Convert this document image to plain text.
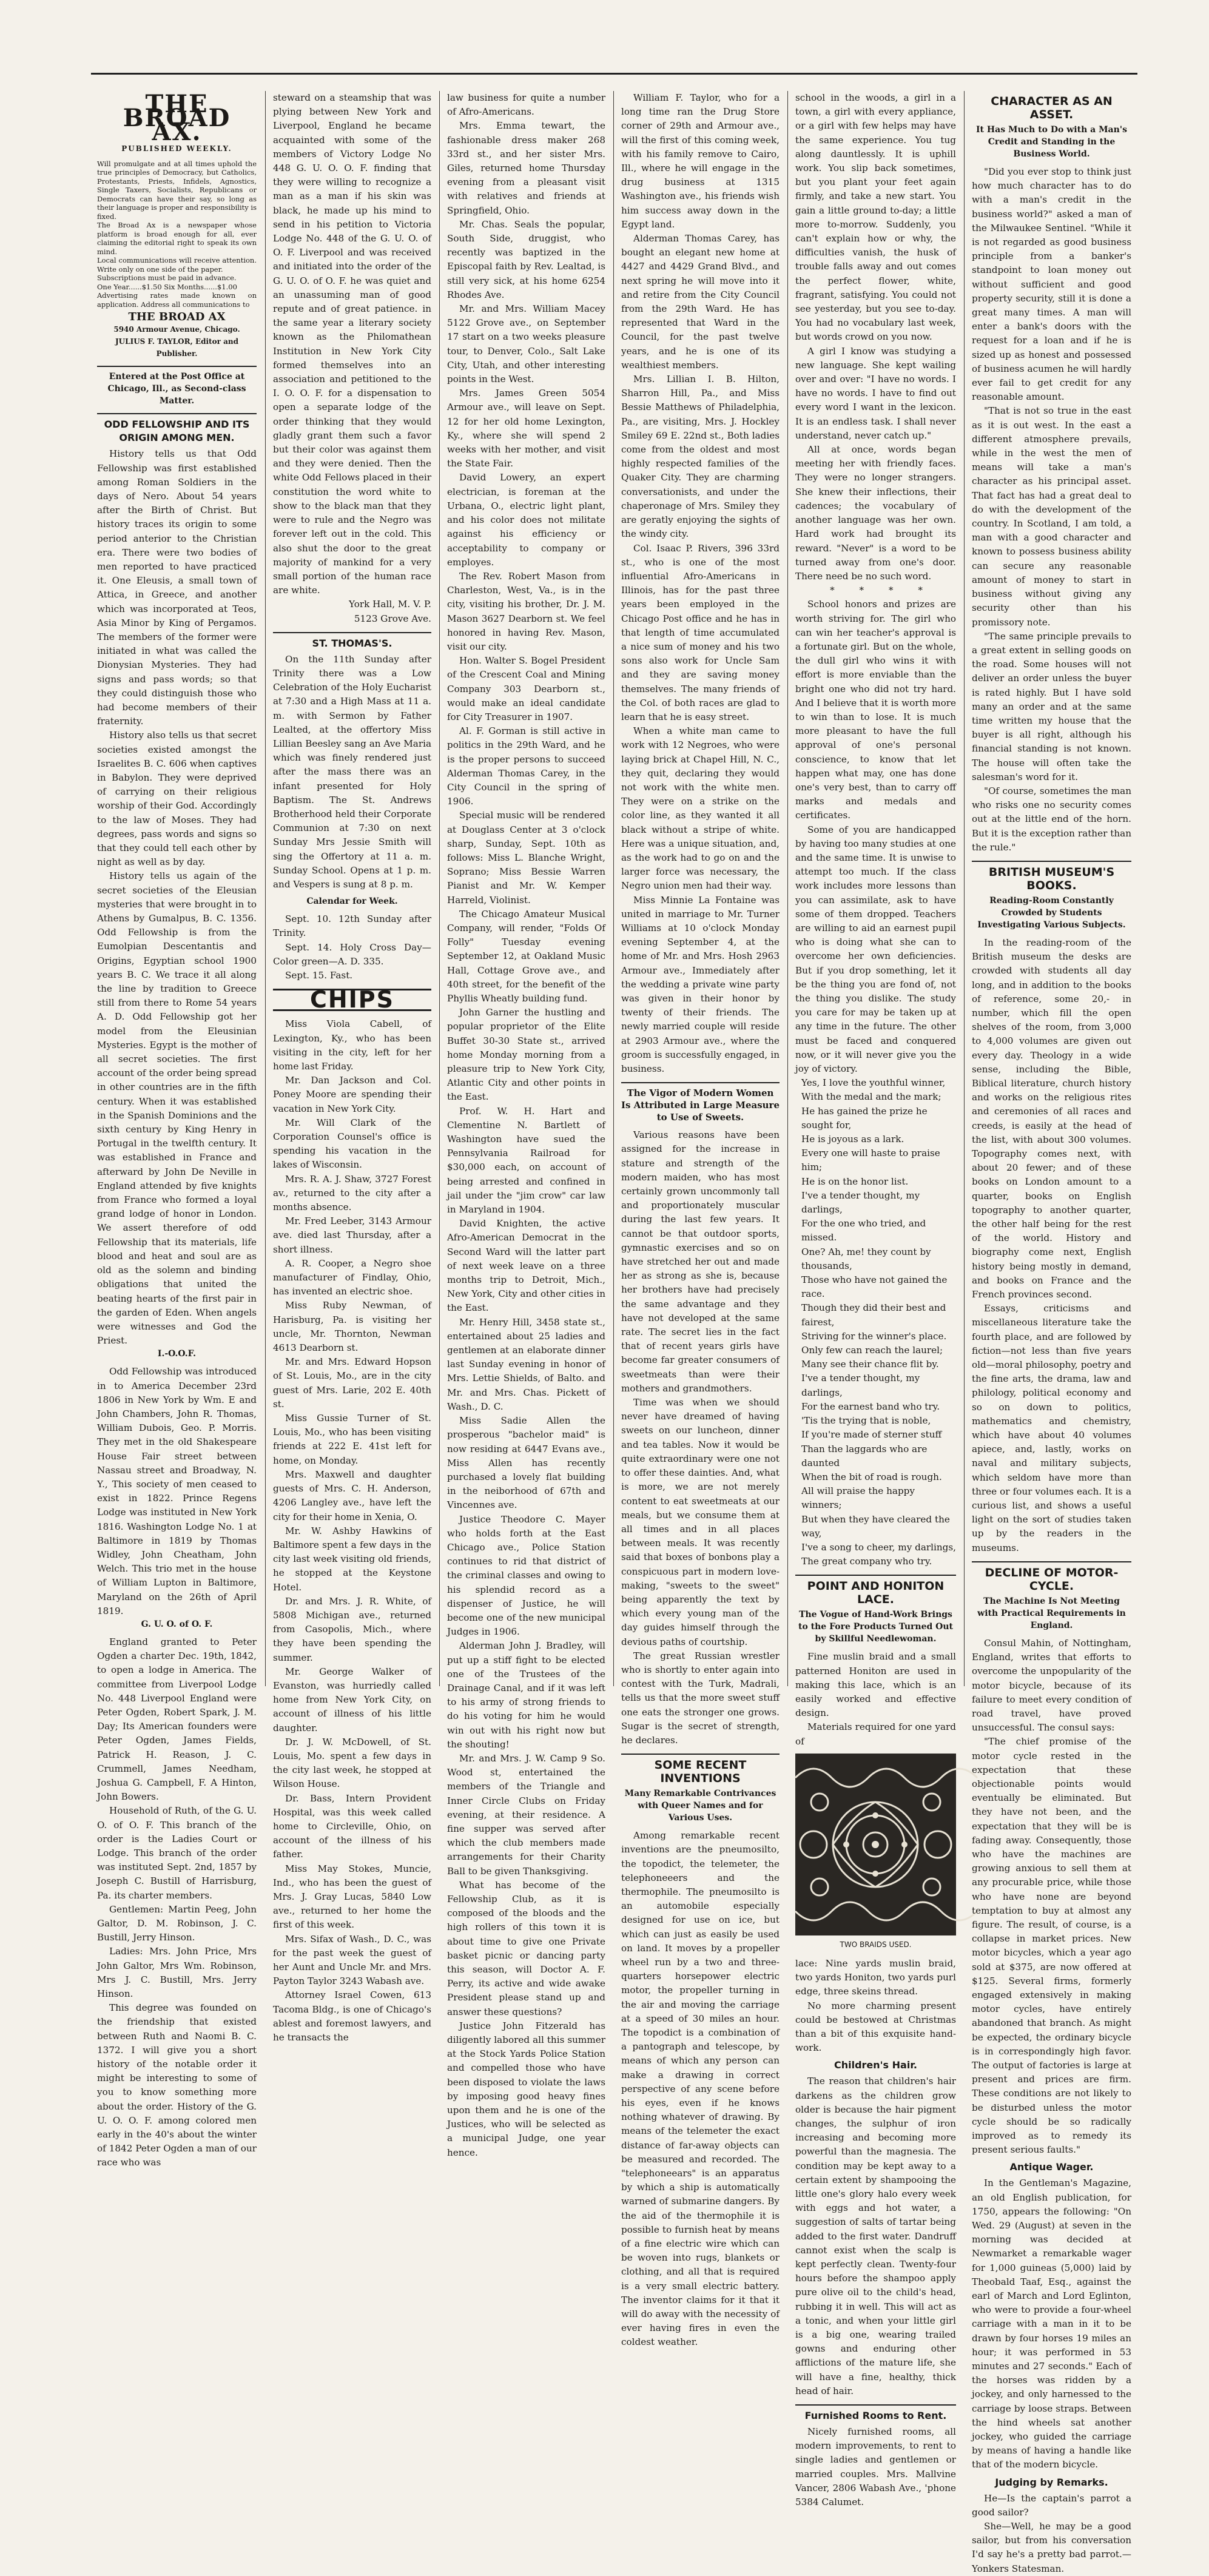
THE BROAD AX.
PUBLISHED WEEKLY.

Will promulgate and at all times uphold the true principles of Democracy, but Catholics, Protestants, Priests, Infidels, Agnostics, Single Taxers, Socialists, Republicans or Democrats can have their say, so long as their language is proper and responsibility is fixed.

The Broad Ax is a newspaper whose platform is broad enough for all, ever claiming the editorial right to speak its own mind.

Local communications will receive attention. Write only on one side of the paper.

Subscriptions must be paid in advance.

One Year......$1.50 Six Months......$1.00

Advertising rates made known on application. Address all communications to

THE BROAD AX
5940 Armour Avenue, Chicago.
JULIUS F. TAYLOR, Editor and Publisher.
Entered at the Post Office at Chicago, Ill., as Second-class Matter.
ODD FELLOWSHIP AND ITS ORIGIN AMONG MEN.

History tells us that Odd Fellowship was first established among Roman Soldiers in the days of Nero. About 54 years after the Birth of Christ. But history traces its origin to some period anterior to the Christian era. There were two bodies of men reported to have practiced it. One Eleusis, a small town of Attica, in Greece, and another which was incorporated at Teos, Asia Minor by King of Pergamos. The members of the former were initiated in what was called the Dionysian Mysteries. They had signs and pass words; so that they could distinguish those who had become members of their fraternity.

History also tells us that secret societies existed amongst the Israelites B. C. 606 when captives in Babylon. They were deprived of carrying on their religious worship of their God. Accordingly to the law of Moses. They had degrees, pass words and signs so that they could tell each other by night as well as by day.

History tells us again of the secret societies of the Eleusian mysteries that were brought in to Athens by Gumalpus, B. C. 1356. Odd Fellowship is from the Eumolpian Descentantis and Origins, Egyptian school 1900 years B. C. We trace it all along the line by tradition to Greece still from there to Rome 54 years A. D. Odd Fellowship got her model from the Eleusinian Mysteries. Egypt is the mother of all secret societies. The first account of the order being spread in other countries are in the fifth century. When it was established in the Spanish Dominions and the sixth century by King Henry in Portugal in the twelfth century. It was established in France and afterward by John De Neville in England attended by five knights from France who formed a loyal grand lodge of honor in London. We assert therefore of odd Fellowship that its materials, life blood and heat and soul are as old as the solemn and binding obligations that united the beating hearts of the first pair in the garden of Eden. When angels were witnesses and God the Priest.

I.-O.O.F.

Odd Fellowship was introduced in to America December 23rd 1806 in New York by Wm. E and John Chambers, John R. Thomas, William Dubois, Geo. P. Morris. They met in the old Shakespeare House Fair street between Nassau street and Broadway, N. Y., This society of men ceased to exist in 1822. Prince Regens Lodge was instituted in New York 1816. Washington Lodge No. 1 at Baltimore in 1819 by Thomas Widley, John Cheatham, John Welch. This trio met in the house of William Lupton in Baltimore, Maryland on the 26th of April 1819.

G. U. O. of O. F.

England granted to Peter Ogden a charter Dec. 19th, 1842, to open a lodge in America. The committee from Liverpool Lodge No. 448 Liverpool England were Peter Ogden, Robert Spark, J. M. Day; Its American founders were Peter Ogden, James Fields, Patrick H. Reason, J. C. Crummell, James Needham, Joshua G. Campbell, F. A Hinton, John Bowers.

Household of Ruth, of the G. U. O. of O. F. This branch of the order is the Ladies Court or Lodge. This branch of the order was instituted Sept. 2nd, 1857 by Joseph C. Bustill of Harrisburg, Pa. its charter members.

Gentlemen: Martin Peeg, John Galtor, D. M. Robinson, J. C. Bustill, Jerry Hinson.

Ladies: Mrs. John Price, Mrs John Galtor, Mrs Wm. Robinson, Mrs J. C. Bustill, Mrs. Jerry Hinson.

This degree was founded on the friendship that existed between Ruth and Naomi B. C. 1372. I will give you a short history of the notable order it might be interesting to some of you to know something more about the order. History of the G. U. O. O. F. among colored men early in the 40's about the winter of 1842 Peter Ogden a man of our race who was

steward on a steamship that was plying between New York and Liverpool, England he became acquainted with some of the members of Victory Lodge No 448 G. U. O. O. F. finding that they were willing to recognize a man as a man if his skin was black, he made up his mind to send in his petition to Victoria Lodge No. 448 of the G. U. O. of O. F. Liverpool and was received and initiated into the order of the G. U. O. of O. F. he was quiet and an unassuming man of good repute and of great patience. in the same year a literary society known as the Philomathean Institution in New York City formed themselves into an association and petitioned to the I. O. O. F. for a dispensation to open a separate lodge of the order thinking that they would gladly grant them such a favor but their color was against them and they were denied. Then the white Odd Fellows placed in their constitution the word white to show to the black man that they were to rule and the Negro was forever left out in the cold. This also shut the door to the great majority of mankind for a very small portion of the human race are white.

York Hall, M. V. P.

5123 Grove Ave.

ST. THOMAS'S.

On the 11th Sunday after Trinity there was a Low Celebration of the Holy Eucharist at 7:30 and a High Mass at 11 a. m. with Sermon by Father Lealted, at the offertory Miss Lillian Beesley sang an Ave Maria which was finely rendered just after the mass there was an infant presented for Holy Baptism. The St. Andrews Brotherhood held their Corporate Communion at 7:30 on next Sunday Mrs Jessie Smith will sing the Offertory at 11 a. m. Sunday School. Opens at 1 p. m. and Vespers is sung at 8 p. m.

Calendar for Week.

Sept. 10. 12th Sunday after Trinity.

Sept. 14. Holy Cross Day—Color green—A. D. 335.

Sept. 15. Fast.

CHIPS

Miss Viola Cabell, of Lexington, Ky., who has been visiting in the city, left for her home last Friday.

Mr. Dan Jackson and Col. Poney Moore are spending their vacation in New York City.

Mr. Will Clark of the Corporation Counsel's office is spending his vacation in the lakes of Wisconsin.

Mrs. R. A. J. Shaw, 3727 Forest av., returned to the city after a months absence.

Mr. Fred Leeber, 3143 Armour ave. died last Thursday, after a short illness.

A. R. Cooper, a Negro shoe manufacturer of Findlay, Ohio, has invented an electric shoe.

Miss Ruby Newman, of Harisburg, Pa. is visiting her uncle, Mr. Thornton, Newman 4613 Dearborn st.

Mr. and Mrs. Edward Hopson of St. Louis, Mo., are in the city guest of Mrs. Larie, 202 E. 40th st.

Miss Gussie Turner of St. Louis, Mo., who has been visiting friends at 222 E. 41st left for home, on Monday.

Mrs. Maxwell and daughter guests of Mrs. C. H. Anderson, 4206 Langley ave., have left the city for their home in Xenia, O.

Mr. W. Ashby Hawkins of Baltimore spent a few days in the city last week visiting old friends, he stopped at the Keystone Hotel.

Dr. and Mrs. J. R. White, of 5808 Michigan ave., returned from Casopolis, Mich., where they have been spending the summer.

Mr. George Walker of Evanston, was hurriedly called home from New York City, on account of illness of his little daughter.

Dr. J. W. McDowell, of St. Louis, Mo. spent a few days in the city last week, he stopped at Wilson House.

Dr. Bass, Intern Provident Hospital, was this week called home to Circleville, Ohio, on account of the illness of his father.

Miss May Stokes, Muncie, Ind., who has been the guest of Mrs. J. Gray Lucas, 5840 Low ave., returned to her home the first of this week.

Mrs. Sifax of Wash., D. C., was for the past week the guest of her Aunt and Uncle Mr. and Mrs. Payton Taylor 3243 Wabash ave.

Attorney Israel Cowen, 613 Tacoma Bldg., is one of Chicago's ablest and foremost lawyers, and he transacts the

law business for quite a number of Afro-Americans.

Mrs. Emma tewart, the fashionable dress maker 268 33rd st., and her sister Mrs. Giles, returned home Thursday evening from a pleasant visit with relatives and friends at Springfield, Ohio.

Mr. Chas. Seals the popular, South Side, druggist, who recently was baptized in the Episcopal faith by Rev. Lealtad, is still very sick, at his home 6254 Rhodes Ave.

Mr. and Mrs. William Macey 5122 Grove ave., on September 17 start on a two weeks pleasure tour, to Denver, Colo., Salt Lake City, Utah, and other interesting points in the West.

Mrs. James Green 5054 Armour ave., will leave on Sept. 12 for her old home Lexington, Ky., where she will spend 2 weeks with her mother, and visit the State Fair.

David Lowery, an expert electrician, is foreman at the Urbana, O., electric light plant, and his color does not militate against his efficiency or acceptability to company or employes.

The Rev. Robert Mason from Charleston, West, Va., is in the city, visiting his brother, Dr. J. M. Mason 3627 Dearborn st. We feel honored in having Rev. Mason, visit our city.

Hon. Walter S. Bogel President of the Crescent Coal and Mining Company 303 Dearborn st., would make an ideal candidate for City Treasurer in 1907.

Al. F. Gorman is still active in politics in the 29th Ward, and he is the proper persons to succeed Alderman Thomas Carey, in the City Council in the spring of 1906.

Special music will be rendered at Douglass Center at 3 o'clock sharp, Sunday, Sept. 10th as follows: Miss L. Blanche Wright, Soprano; Miss Bessie Warren Pianist and Mr. W. Kemper Harreld, Violinist.

The Chicago Amateur Musical Company, will render, "Folds Of Folly" Tuesday evening September 12, at Oakland Music Hall, Cottage Grove ave., and 40th street, for the benefit of the Phyllis Wheatly building fund.

John Garner the hustling and popular proprietor of the Elite Buffet 30-30 State st., arrived home Monday morning from a pleasure trip to New York City, Atlantic City and other points in the East.

Prof. W. H. Hart and Clementine N. Bartlett of Washington have sued the Pennsylvania Railroad for $30,000 each, on account of being arrested and confined in jail under the "jim crow" car law in Maryland in 1904.

David Knighten, the active Afro-American Democrat in the Second Ward will the latter part of next week leave on a three months trip to Detroit, Mich., New York, City and other cities in the East.

Mr. Henry Hill, 3458 state st., entertained about 25 ladies and gentlemen at an elaborate dinner last Sunday evening in honor of Mrs. Lettie Shields, of Balto. and Mr. and Mrs. Chas. Pickett of Wash., D. C.

Miss Sadie Allen the prosperous "bachelor maid" is now residing at 6447 Evans ave., Miss Allen has recently purchased a lovely flat building in the neiborhood of 67th and Vincennes ave.

Justice Theodore C. Mayer who holds forth at the East Chicago ave., Police Station continues to rid that district of the criminal classes and owing to his splendid record as a dispenser of Justice, he will become one of the new municipal Judges in 1906.

Alderman John J. Bradley, will put up a stiff fight to be elected one of the Trustees of the Drainage Canal, and if it was left to his army of strong friends to do his voting for him he would win out with his right now but the shouting!

Mr. and Mrs. J. W. Camp 9 So. Wood st, entertained the members of the Triangle and Inner Circle Clubs on Friday evening, at their residence. A fine supper was served after which the club members made arrangements for their Charity Ball to be given Thanksgiving.

What has become of the Fellowship Club, as it is composed of the bloods and the high rollers of this town it is about time to give one Private basket picnic or dancing party this season, will Doctor A. F. Perry, its active and wide awake President please stand up and answer these questions?

Justice John Fitzerald has diligently labored all this summer at the Stock Yards Police Station and compelled those who have been disposed to violate the laws by imposing good heavy fines upon them and he is one of the Justices, who will be selected as a municipal Judge, one year hence.

William F. Taylor, who for a long time ran the Drug Store corner of 29th and Armour ave., will the first of this coming week, with his family remove to Cairo, Ill., where he will engage in the drug business at 1315 Washington ave., his friends wish him success away down in the Egypt land.

Alderman Thomas Carey, has bought an elegant new home at 4427 and 4429 Grand Blvd., and next spring he will move into it and retire from the City Council from the 29th Ward. He has represented that Ward in the Council, for the past twelve years, and he is one of its wealthiest members.

Mrs. Lillian I. B. Hilton, Sharron Hill, Pa., and Miss Bessie Matthews of Philadelphia, Pa., are visiting, Mrs. J. Hockley Smiley 69 E. 22nd st., Both ladies come from the oldest and most highly respected families of the Quaker City. They are charming conversationists, and under the chaperonage of Mrs. Smiley they are geratly enjoying the sights of the windy city.

Col. Isaac P. Rivers, 396 33rd st., who is one of the most influential Afro-Americans in Illinois, has for the past three years been employed in the Chicago Post office and he has in that length of time accumulated a nice sum of money and his two sons also work for Uncle Sam and they are saving money themselves. The many friends of the Col. of both races are glad to learn that he is easy street.

When a white man came to work with 12 Negroes, who were laying brick at Chapel Hill, N. C., they quit, declaring they would not work with the white men. They were on a strike on the color line, as they wanted it all black without a stripe of white. Here was a unique situation, and, as the work had to go on and the larger force was necessary, the Negro union men had their way.

Miss Minnie La Fontaine was united in marriage to Mr. Turner Williams at 10 o'clock Monday evening September 4, at the home of Mr. and Mrs. Hosh 2963 Armour ave., Immediately after the wedding a private wine party was given in their honor by twenty of their friends. The newly married couple will reside at 2903 Armour ave., where the groom is successfully engaged, in business.

The Vigor of Modern Women Is Attributed in Large Measure to Use of Sweets.

Various reasons have been assigned for the increase in stature and strength of the modern maiden, who has most certainly grown uncommonly tall and proportionately muscular during the last few years. It cannot be that outdoor sports, gymnastic exercises and so on have stretched her out and made her as strong as she is, because her brothers have had precisely the same advantage and they have not developed at the same rate. The secret lies in the fact that of recent years girls have become far greater consumers of sweetmeats than were their mothers and grandmothers.

Time was when we should never have dreamed of having sweets on our luncheon, dinner and tea tables. Now it would be quite extraordinary were one not to offer these dainties. And, what is more, we are not merely content to eat sweetmeats at our meals, but we consume them at all times and in all places between meals. It was recently said that boxes of bonbons play a conspicuous part in modern love-making, "sweets to the sweet" being apparently the text by which every young man of the day guides himself through the devious paths of courtship.

The great Russian wrestler who is shortly to enter again into contest with the Turk, Madrali, tells us that the more sweet stuff one eats the stronger one grows. Sugar is the secret of strength, he declares.

SOME RECENT INVENTIONS
Many Remarkable Contrivances with Queer Names and for Various Uses.

Among remarkable recent inventions are the pneumosilto, the topodict, the telemeter, the telephoneeers and the thermophile. The pneumosilto is an automobile especially designed for use on ice, but which can just as easily be used on land. It moves by a propeller wheel run by a two and three-quarters horsepower electric motor, the propeller turning in the air and moving the carriage at a speed of 30 miles an hour. The topodict is a combination of a pantograph and telescope, by means of which any person can make a drawing in correct perspective of any scene before his eyes, even if he knows nothing whatever of drawing. By means of the telemeter the exact distance of far-away objects can be measured and recorded. The "telephoneears" is an apparatus by which a ship is automatically warned of submarine dangers. By the aid of the thermophile it is possible to furnish heat by means of a fine electric wire which can be woven into rugs, blankets or clothing, and all that is required is a very small electric battery. The inventor claims for it that it will do away with the necessity of ever having fires in even the coldest weather.

school in the woods, a girl in a town, a girl with every appliance, or a girl with few helps may have the same experience. You tug along dauntlessly. It is uphill work. You slip back sometimes, but you plant your feet again firmly, and take a new start. You gain a little ground to-day; a little more to-morrow. Suddenly, you can't explain how or why, the difficulties vanish, the husk of trouble falls away and out comes the perfect flower, white, fragrant, satisfying. You could not see yesterday, but you see to-day. You had no vocabulary last week, but words crowd on you now.

A girl I know was studying a new language. She kept wailing over and over: "I have no words. I have no words. I have to find out every word I want in the lexicon. It is an endless task. I shall never understand, never catch up."

All at once, words began meeting her with friendly faces. They were no longer strangers. She knew their inflections, their cadences; the vocabulary of another language was her own. Hard work had brought its reward. "Never" is a word to be turned away from one's door. There need be no such word.

* * * *

School honors and prizes are worth striving for. The girl who can win her teacher's approval is a fortunate girl. But on the whole, the dull girl who wins it with effort is more enviable than the bright one who did not try hard. And I believe that it is worth more to win than to lose. It is much more pleasant to have the full approval of one's personal conscience, to know that let happen what may, one has done one's very best, than to carry off marks and medals and certificates.

Some of you are handicapped by having too many studies at one and the same time. It is unwise to attempt too much. If the class work includes more lessons than you can assimilate, ask to have some of them dropped. Teachers are willing to aid an earnest pupil who is doing what she can to overcome her own deficiencies. But if you drop something, let it be the thing you are fond of, not the thing you dislike. The study you care for may be taken up at any time in the future. The other must be faced and conquered now, or it will never give you the joy of victory.

Yes, I love the youthful winner,

With the medal and the mark;

He has gained the prize he sought for,

He is joyous as a lark.

Every one will haste to praise him;

He is on the honor list.

I've a tender thought, my darlings,

For the one who tried, and missed.

One? Ah, me! they count by thousands,

Those who have not gained the race.

Though they did their best and fairest,

Striving for the winner's place.

Only few can reach the laurel;

Many see their chance flit by.

I've a tender thought, my darlings,

For the earnest band who try.

'Tis the trying that is noble,

If you're made of sterner stuff

Than the laggards who are daunted

When the bit of road is rough.

All will praise the happy winners;

But when they have cleared the way,

I've a song to cheer, my darlings,

The great company who try.

POINT AND HONITON LACE.
The Vogue of Hand-Work Brings to the Fore Products Turned Out by Skillful Needlewoman.

Fine muslin braid and a small patterned Honiton are used in making this lace, which is an easily worked and effective design.

Materials required for one yard of

TWO BRAIDS USED.

lace: Nine yards muslin braid, two yards Honiton, two yards purl edge, three skeins thread.

No more charming present could be bestowed at Christmas than a bit of this exquisite hand-work.

Children's Hair.

The reason that children's hair darkens as the children grow older is because the hair pigment changes, the sulphur of iron increasing and becoming more powerful than the magnesia. The condition may be kept away to a certain extent by shampooing the little one's glory halo every week with eggs and hot water, a suggestion of salts of tartar being added to the first water. Dandruff cannot exist when the scalp is kept perfectly clean. Twenty-four hours before the shampoo apply pure olive oil to the child's head, rubbing it in well. This will act as a tonic, and when your little girl is a big one, wearing trailed gowns and enduring other afflictions of the mature life, she will have a fine, healthy, thick head of hair.

Furnished Rooms to Rent.

Nicely furnished rooms, all modern improvements, to rent to single ladies and gentlemen or married couples. Mrs. Mallvine Vancer, 2806 Wabash Ave., 'phone 5384 Calumet.

CHARACTER AS AN ASSET.
It Has Much to Do with a Man's Credit and Standing in the Business World.

"Did you ever stop to think just how much character has to do with a man's credit in the business world?" asked a man of the Milwaukee Sentinel. "While it is not regarded as good business principle from a banker's standpoint to loan money out without sufficient and good property security, still it is done a great many times. A man will enter a bank's doors with the request for a loan and if he is sized up as honest and possessed of business acumen he will hardly ever fail to get credit for any reasonable amount.

"That is not so true in the east as it is out west. In the east a different atmosphere prevails, while in the west the men of means will take a man's character as his principal asset. That fact has had a great deal to do with the development of the country. In Scotland, I am told, a man with a good character and known to possess business ability can secure any reasonable amount of money to start in business without giving any security other than his promissory note.

"The same principle prevails to a great extent in selling goods on the road. Some houses will not deliver an order unless the buyer is rated highly. But I have sold many an order and at the same time written my house that the buyer is all right, although his financial standing is not known. The house will often take the salesman's word for it.

"Of course, sometimes the man who risks one no security comes out at the little end of the horn. But it is the exception rather than the rule."

BRITISH MUSEUM'S BOOKS.
Reading-Room Constantly Crowded by Students Investigating Various Subjects.

In the reading-room of the British museum the desks are crowded with students all day long, and in addition to the books of reference, some 20,- in number, which fill the open shelves of the room, from 3,000 to 4,000 volumes are given out every day. Theology in a wide sense, including the Bible, Biblical literature, church history and works on the religious rites and ceremonies of all races and creeds, is easily at the head of the list, with about 300 volumes. Topography comes next, with about 20 fewer; and of these books on London amount to a quarter, books on English topography to another quarter, the other half being for the rest of the world. History and biography come next, English history being mostly in demand, and books on France and the French provinces second.

Essays, criticisms and miscellaneous literature take the fourth place, and are followed by fiction—not less than five years old—moral philosophy, poetry and the fine arts, the drama, law and philology, political economy and so on down to politics, mathematics and chemistry, which have about 40 volumes apiece, and, lastly, works on naval and military subjects, which seldom have more than three or four volumes each. It is a curious list, and shows a useful light on the sort of studies taken up by the readers in the museums.

DECLINE OF MOTOR-CYCLE.
The Machine Is Not Meeting with Practical Requirements in England.

Consul Mahin, of Nottingham, England, writes that efforts to overcome the unpopularity of the motor bicycle, because of its failure to meet every condition of road travel, have proved unsuccessful. The consul says:

"The chief promise of the motor cycle rested in the expectation that these objectionable points would eventually be eliminated. But they have not been, and the expectation that they will be is fading away. Consequently, those who have the machines are growing anxious to sell them at any procurable price, while those who have none are beyond temptation to buy at almost any figure. The result, of course, is a collapse in market prices. New motor bicycles, which a year ago sold at $375, are now offered at $125. Several firms, formerly engaged extensively in making motor cycles, have entirely abandoned that branch. As might be expected, the ordinary bicycle is in correspondingly high favor. The output of factories is large at present and prices are firm. These conditions are not likely to be disturbed unless the motor cycle should be so radically improved as to remedy its present serious faults."

Antique Wager.

In the Gentleman's Magazine, an old English publication, for 1750, appears the following: "On Wed. 29 (August) at seven in the morning was decided at Newmarket a remarkable wager for 1,000 guineas (5,000) laid by Theobald Taaf, Esq., against the earl of March and Lord Eglinton, who were to provide a four-wheel carriage with a man in it to be drawn by four horses 19 miles an hour; it was performed in 53 minutes and 27 seconds." Each of the horses was ridden by a jockey, and only harnessed to the carriage by loose straps. Between the hind wheels sat another jockey, who guided the carriage by means of having a handle like that of the modern bicycle.

Judging by Remarks.

He—Is the captain's parrot a good sailor?

She—Well, he may be a good sailor, but from his conversation I'd say he's a pretty bad parrot.—Yonkers Statesman.
